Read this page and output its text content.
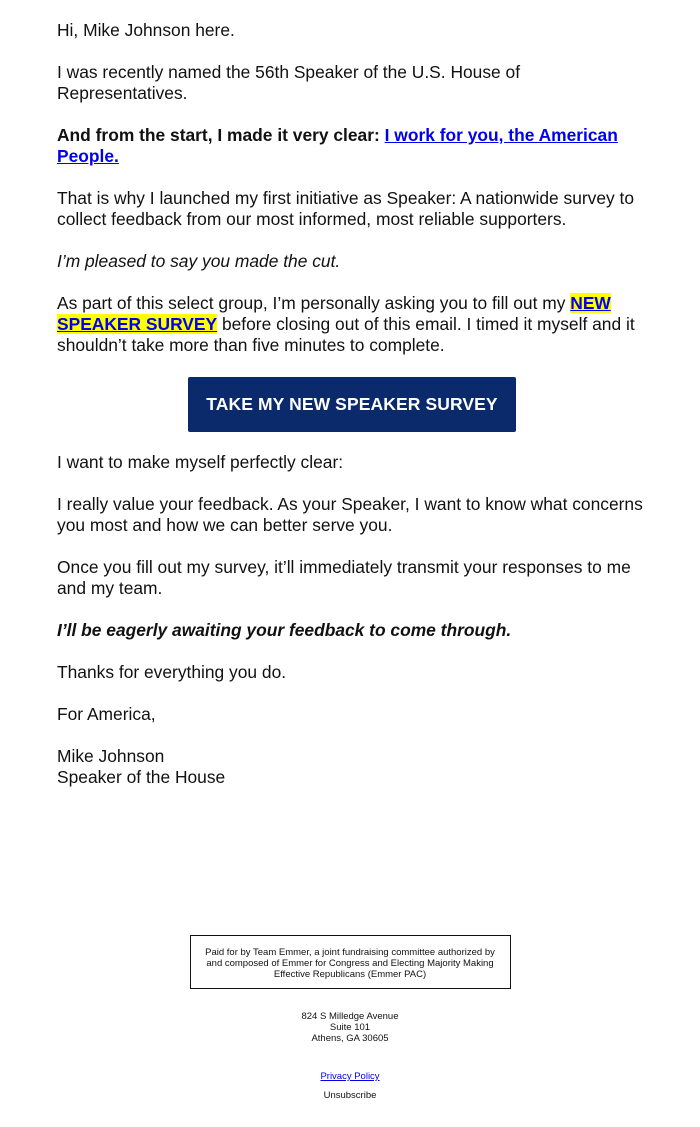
Hi, Mike Johnson here.

I was recently named the 56th Speaker of the U.S. House of Representatives.

And from the start, I made it very clear: I work for you, the American People.

That is why I launched my first initiative as Speaker: A nationwide survey to collect feedback from our most informed, most reliable supporters.

I’m pleased to say you made the cut.

As part of this select group, I’m personally asking you to fill out my NEW SPEAKER SURVEY before closing out of this email. I timed it myself and it shouldn’t take more than five minutes to complete.

TAKE MY NEW SPEAKER SURVEY

I want to make myself perfectly clear:

I really value your feedback. As your Speaker, I want to know what concerns you most and how we can better serve you.

Once you fill out my survey, it’ll immediately transmit your responses to me and my team.

I’ll be eagerly awaiting your feedback to come through.

Thanks for everything you do.

For America,

Mike Johnson
Speaker of the House

Paid for by Team Emmer, a joint fundraising committee authorized by and composed of Emmer for Congress and Electing Majority Making Effective Republicans (Emmer PAC)
824 S Milledge Avenue
Suite 101
Athens, GA 30605
Privacy Policy
Unsubscribe
